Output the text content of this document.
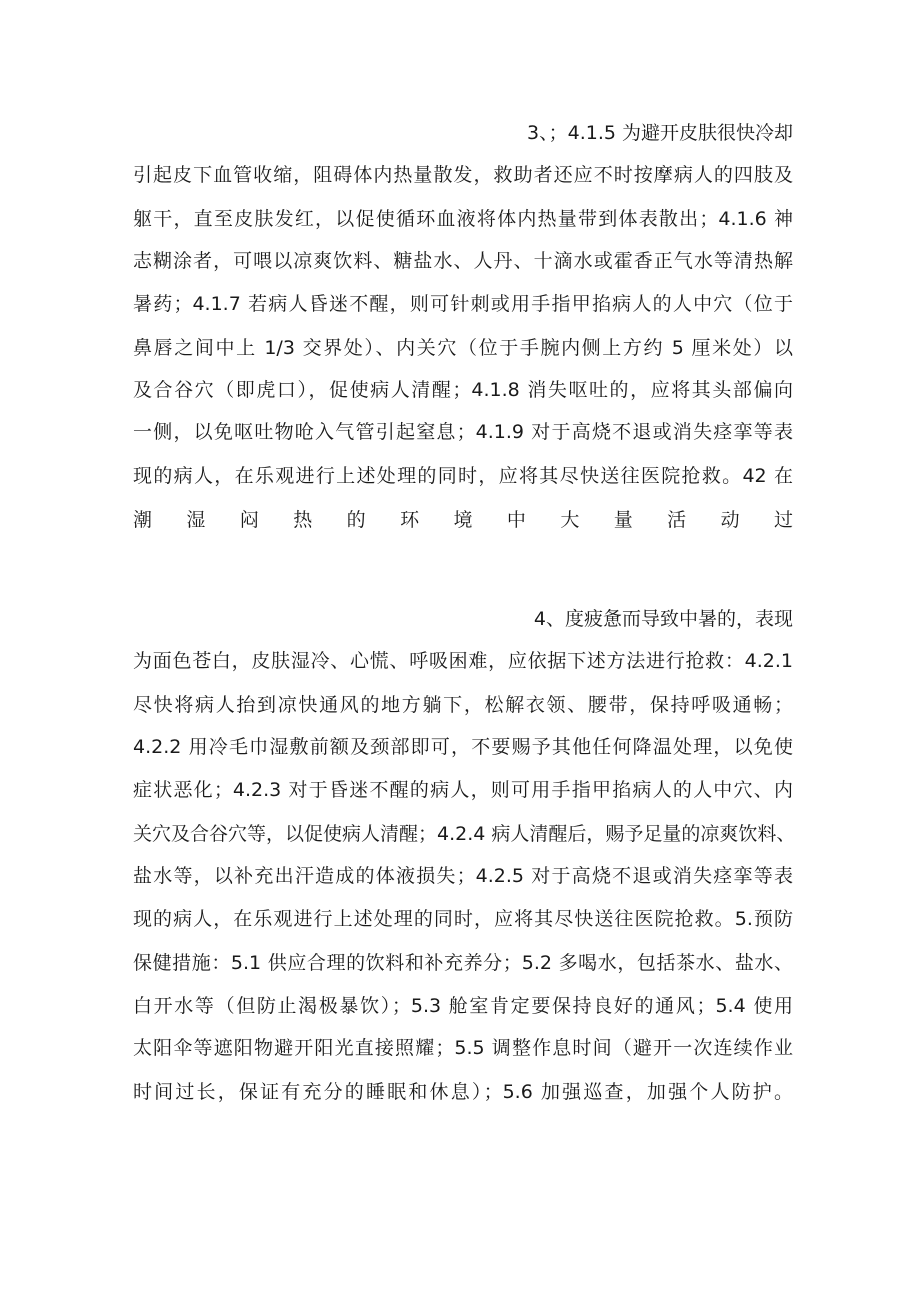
3、；4.1.5 为避开皮肤很快冷却
引起皮下血管收缩，阻碍体内热量散发，救助者还应不时按摩病人的四肢及
躯干，直至皮肤发红，以促使循环血液将体内热量带到体表散出；4.1.6 神
志糊涂者，可喂以凉爽饮料、糖盐水、人丹、十滴水或霍香正气水等清热解
暑药；4.1.7 若病人昏迷不醒，则可针刺或用手指甲掐病人的人中穴（位于
鼻唇之间中上 1/3 交界处）、内关穴（位于手腕内侧上方约 5 厘米处）以
及合谷穴（即虎口），促使病人清醒；4.1.8 消失呕吐的，应将其头部偏向
一侧，以免呕吐物呛入气管引起窒息；4.1.9 对于高烧不退或消失痉挛等表
现的病人，在乐观进行上述处理的同时，应将其尽快送往医院抢救。42 在
潮湿闷热的环境中大量活动过
4、度疲惫而导致中暑的，表现
为面色苍白，皮肤湿冷、心慌、呼吸困难，应依据下述方法进行抢救：4.2.1
尽快将病人抬到凉快通风的地方躺下，松解衣领、腰带，保持呼吸通畅；
4.2.2 用冷毛巾湿敷前额及颈部即可，不要赐予其他任何降温处理，以免使
症状恶化；4.2.3 对于昏迷不醒的病人，则可用手指甲掐病人的人中穴、内
关穴及合谷穴等，以促使病人清醒；4.2.4 病人清醒后，赐予足量的凉爽饮料、
盐水等，以补充出汗造成的体液损失；4.2.5 对于高烧不退或消失痉挛等表
现的病人，在乐观进行上述处理的同时，应将其尽快送往医院抢救。5.预防
保健措施：5.1 供应合理的饮料和补充养分；5.2 多喝水，包括茶水、盐水、
白开水等（但防止渴极暴饮）；5.3 舱室肯定要保持良好的通风；5.4 使用
太阳伞等遮阳物避开阳光直接照耀；5.5 调整作息时间（避开一次连续作业
时间过长，保证有充分的睡眠和休息）；5.6 加强巡查，加强个人防护。
